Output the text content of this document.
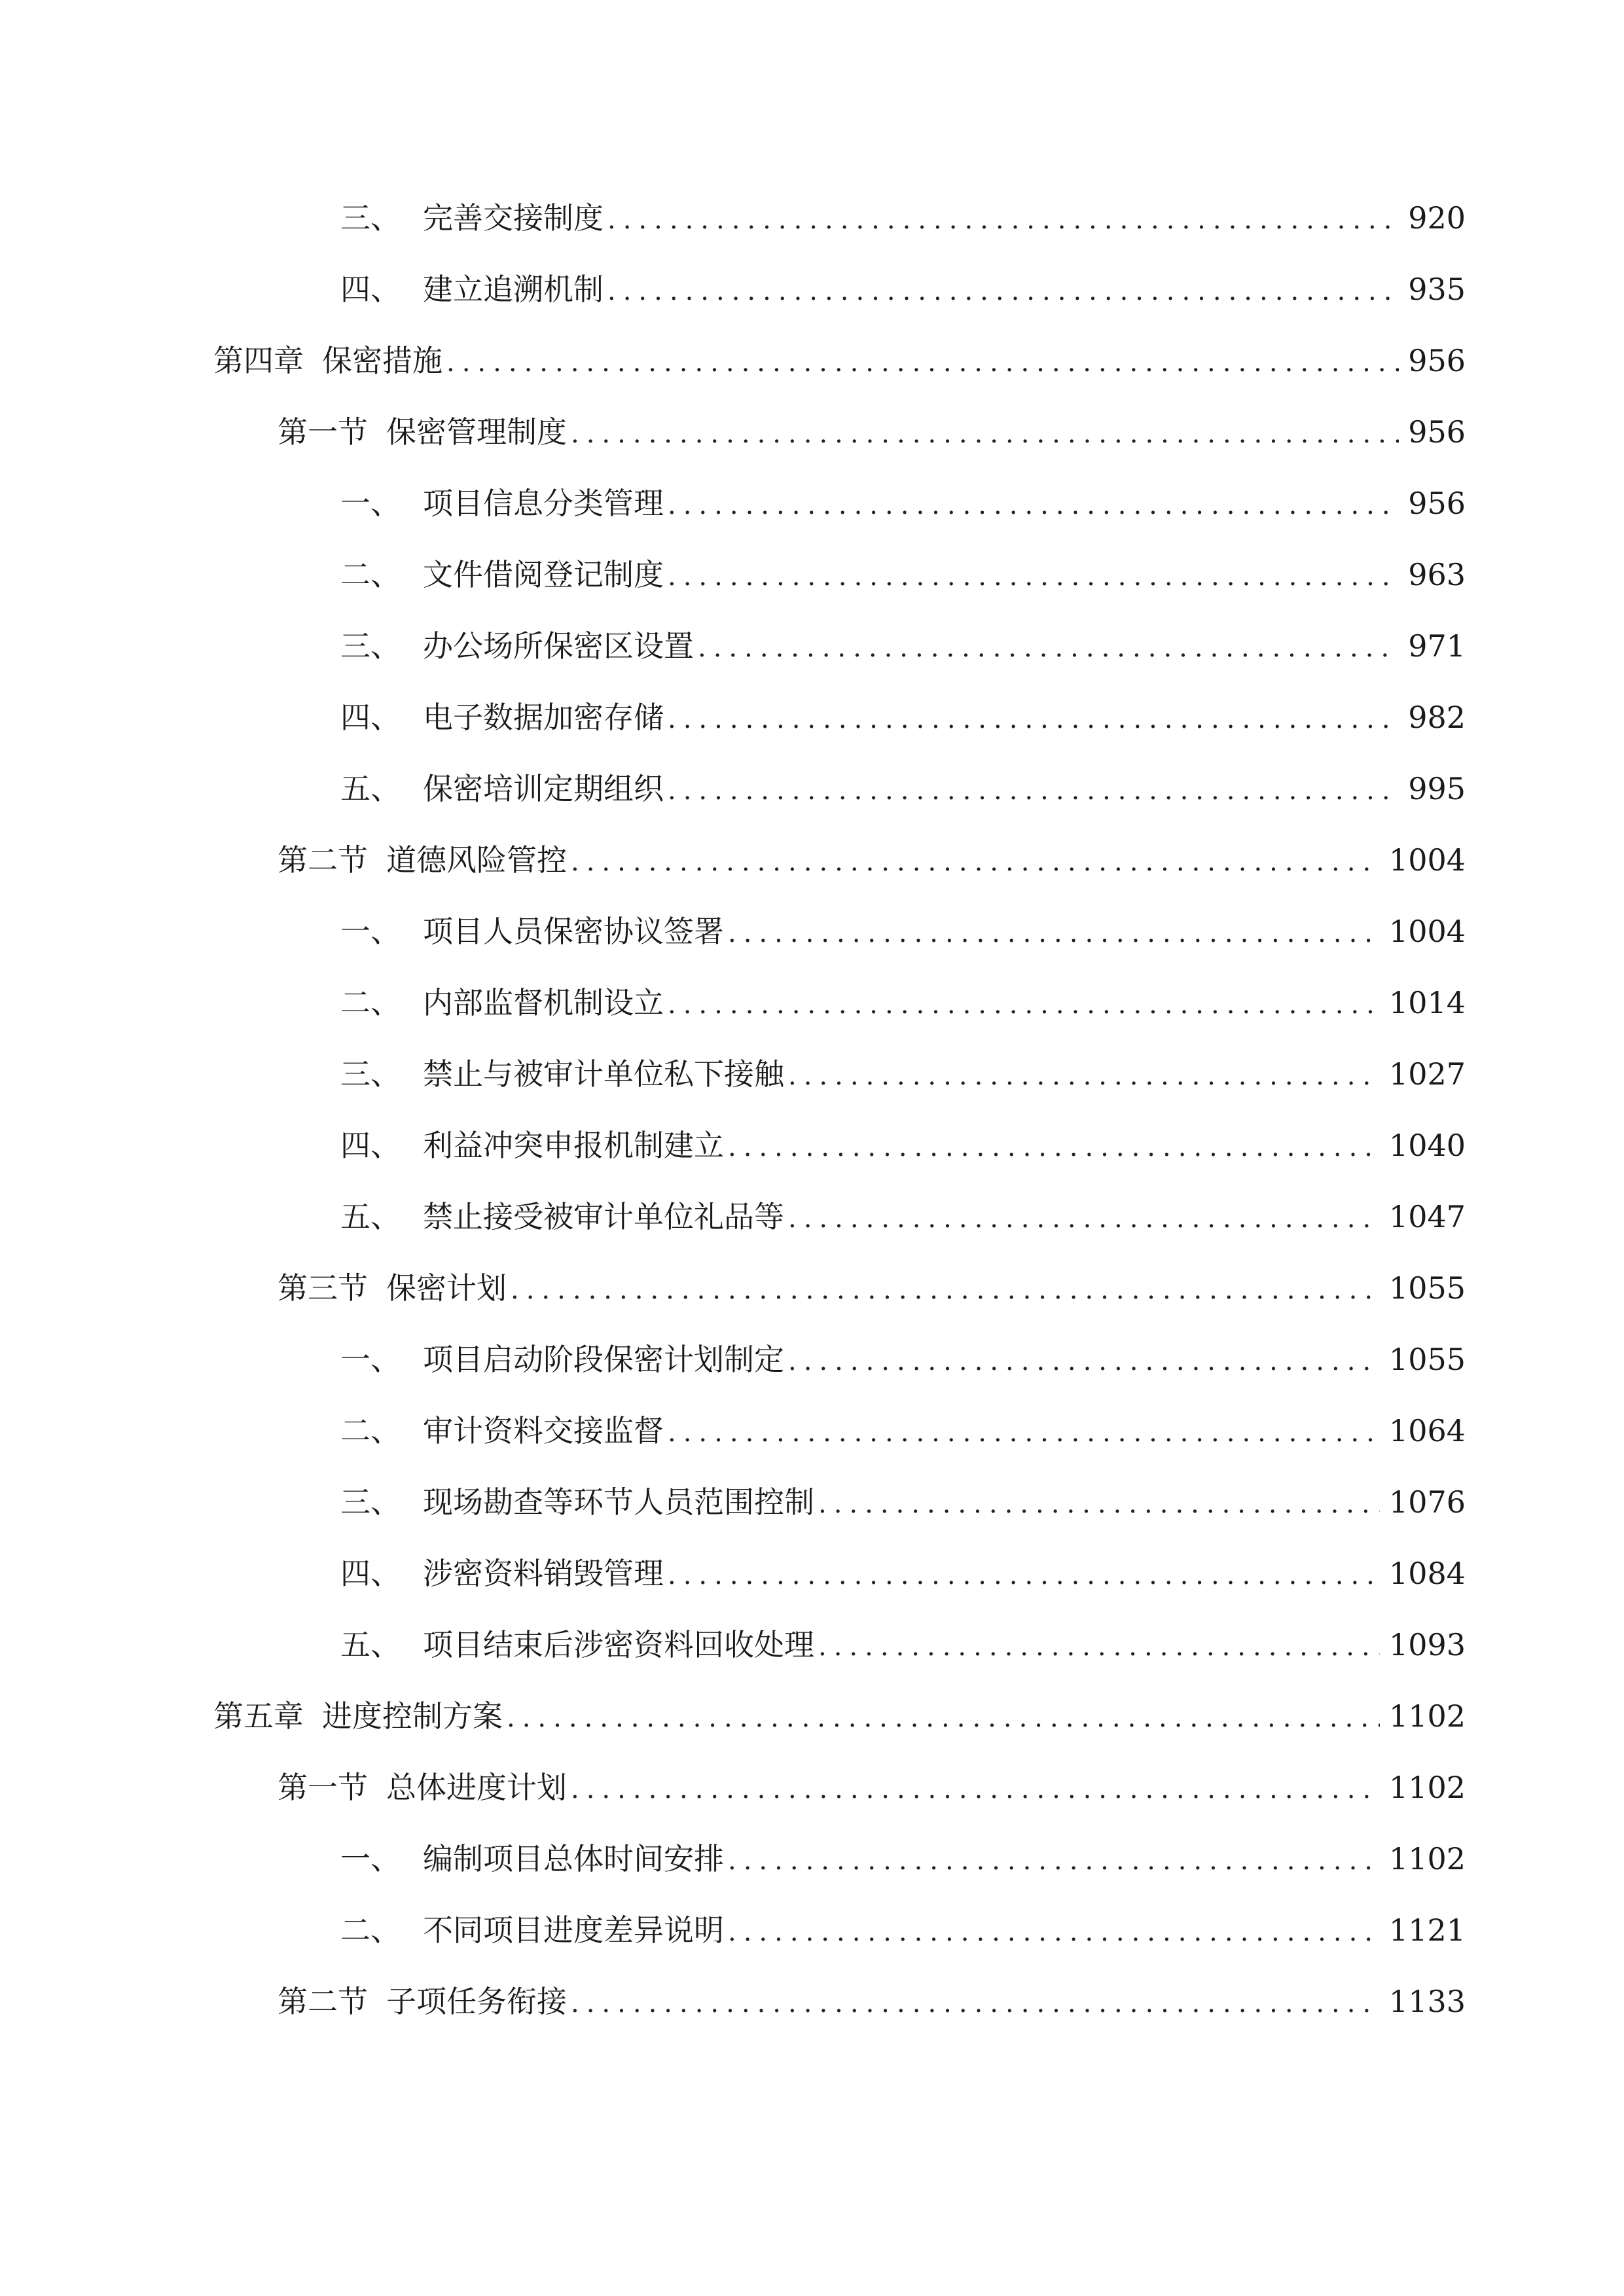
三、 完善交接制度 .....	920
四、 建立追溯机制 .....	935
第四章 保密措施 .....	956
第一节 保密管理制度 .....	956
一、 项目信息分类管理 .....	956
二、 文件借阅登记制度 .....	963
三、 办公场所保密区设置 .....	971
四、 电子数据加密存储 .....	982
五、 保密培训定期组织 .....	995
第二节 道德风险管控 .....	1004
一、 项目人员保密协议签署 .....	1004
二、 内部监督机制设立 .....	1014
三、 禁止与被审计单位私下接触 .....	1027
四、 利益冲突申报机制建立 .....	1040
五、 禁止接受被审计单位礼品等 .....	1047
第三节 保密计划 .....	1055
一、 项目启动阶段保密计划制定 .....	1055
二、 审计资料交接监督 .....	1064
三、 现场勘查等环节人员范围控制 .....	1076
四、 涉密资料销毁管理 .....	1084
五、 项目结束后涉密资料回收处理 .....	1093
第五章 进度控制方案 .....	1102
第一节 总体进度计划 .....	1102
一、 编制项目总体时间安排 .....	1102
二、 不同项目进度差异说明 .....	1121
第二节 子项任务衔接 .....	1133
